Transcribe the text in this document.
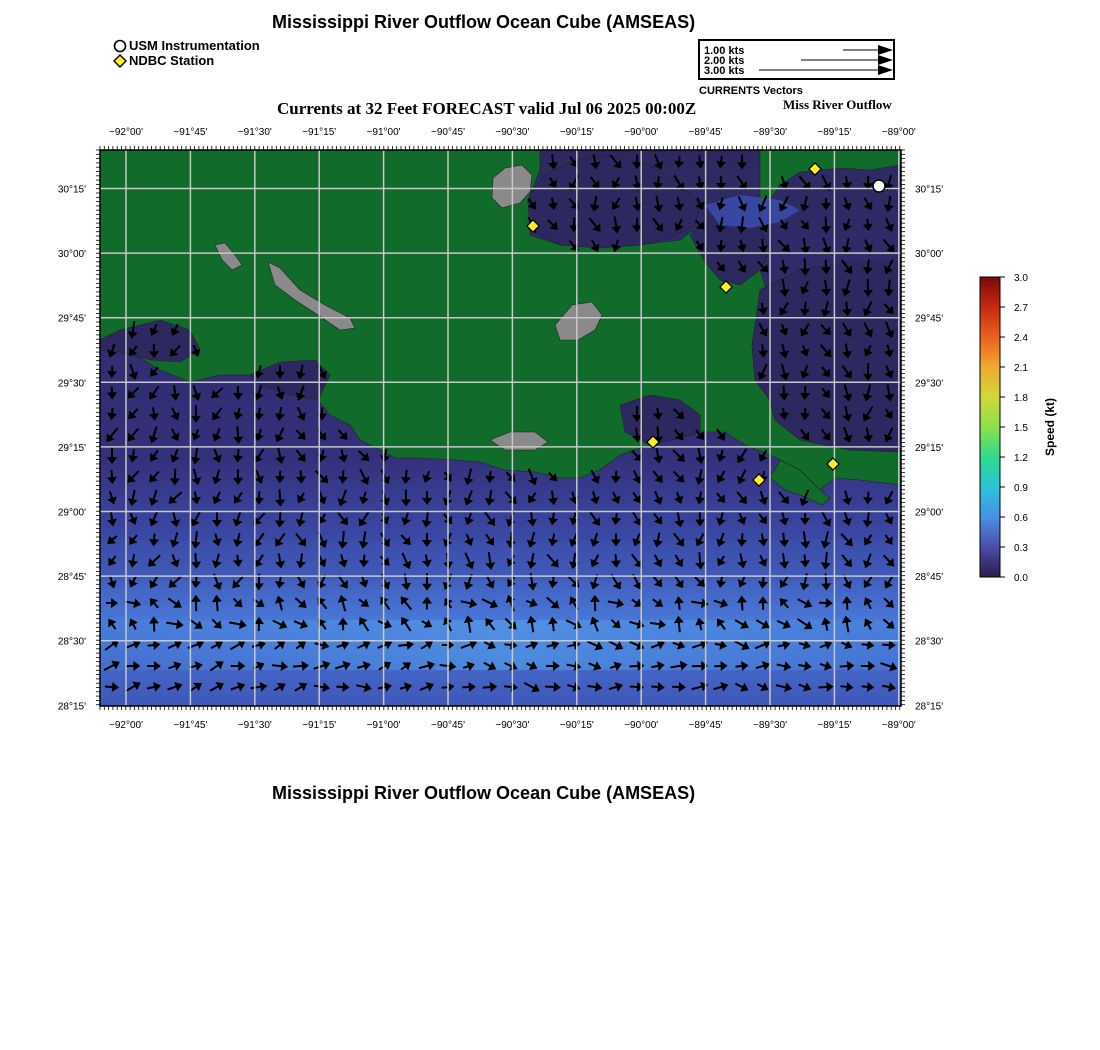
Mississippi River Outflow Ocean Cube (AMSEAS)
USM Instrumentation
NDBC Station
1.00 kts
2.00 kts
3.00 kts
CURRENTS Vectors
Currents at 32 Feet FORECAST valid Jul 06 2025 00:00Z	Miss River Outflow
−92°00'	−91°45'	−91°30'	−91°15'	−91°00'	−90°45'	−90°30'	−90°15'	−90°00'	−89°45'	−89°30'	−89°15'	−89°00'
−92°00'	−91°45'	−91°30'	−91°15'	−91°00'	−90°45'	−90°30'	−90°15'	−90°00'	−89°45'	−89°30'	−89°15'	−89°00'
30°15'
30°00'
29°45'
29°30'
29°15'
29°00'
28°45'
28°30'
28°15'
30°15'
30°00'
29°45'
29°30'
29°15'
29°00'
28°45'
28°30'
28°15'
3.0
2.7
2.4
2.1
1.8
1.5
1.2
0.9
0.6
0.3
0.0
Speed (kt)
Mississippi River Outflow Ocean Cube (AMSEAS)
